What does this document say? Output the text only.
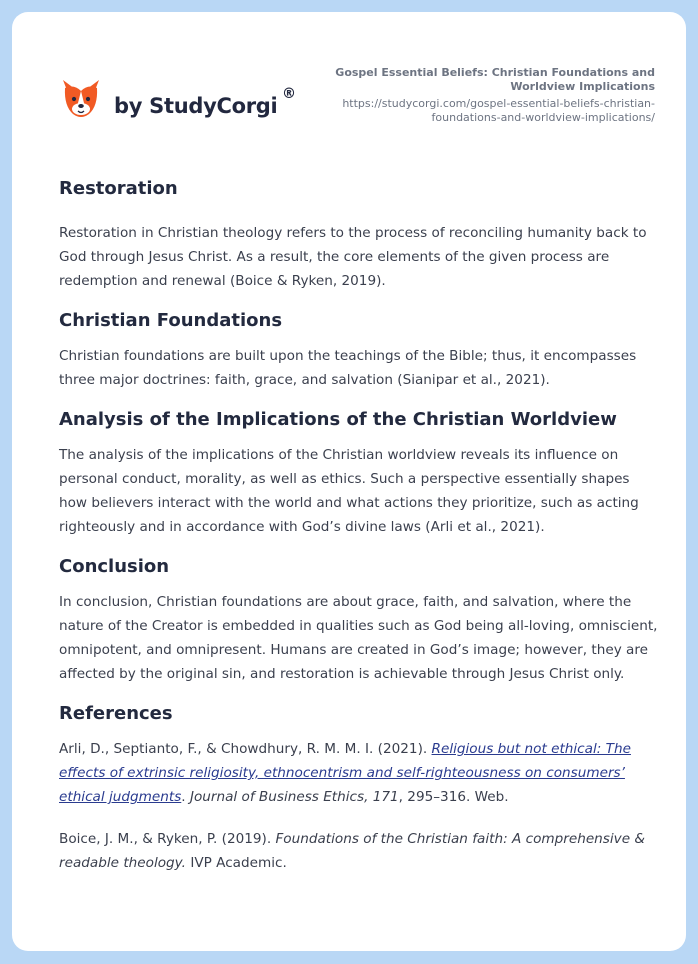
by StudyCorgi ®
Gospel Essential Beliefs: Christian Foundations and Worldview Implications
https://studycorgi.com/gospel-essential-beliefs-christian-foundations-and-worldview-implications/
Restoration

Restoration in Christian theology refers to the process of reconciling humanity back to God through Jesus Christ. As a result, the core elements of the given process are redemption and renewal (Boice & Ryken, 2019).

Christian Foundations

Christian foundations are built upon the teachings of the Bible; thus, it encompasses three major doctrines: faith, grace, and salvation (Sianipar et al., 2021).

Analysis of the Implications of the Christian Worldview

The analysis of the implications of the Christian worldview reveals its influence on personal conduct, morality, as well as ethics. Such a perspective essentially shapes how believers interact with the world and what actions they prioritize, such as acting righteously and in accordance with God’s divine laws (Arli et al., 2021).

Conclusion

In conclusion, Christian foundations are about grace, faith, and salvation, where the nature of the Creator is embedded in qualities such as God being all-loving, omniscient, omnipotent, and omnipresent. Humans are created in God’s image; however, they are affected by the original sin, and restoration is achievable through Jesus Christ only.

References

Arli, D., Septianto, F., & Chowdhury, R. M. M. I. (2021). Religious but not ethical: The effects of extrinsic religiosity, ethnocentrism and self-righteousness on consumers’ ethical judgments. Journal of Business Ethics, 171, 295–316. Web.

Boice, J. M., & Ryken, P. (2019). Foundations of the Christian faith: A comprehensive & readable theology. IVP Academic.
